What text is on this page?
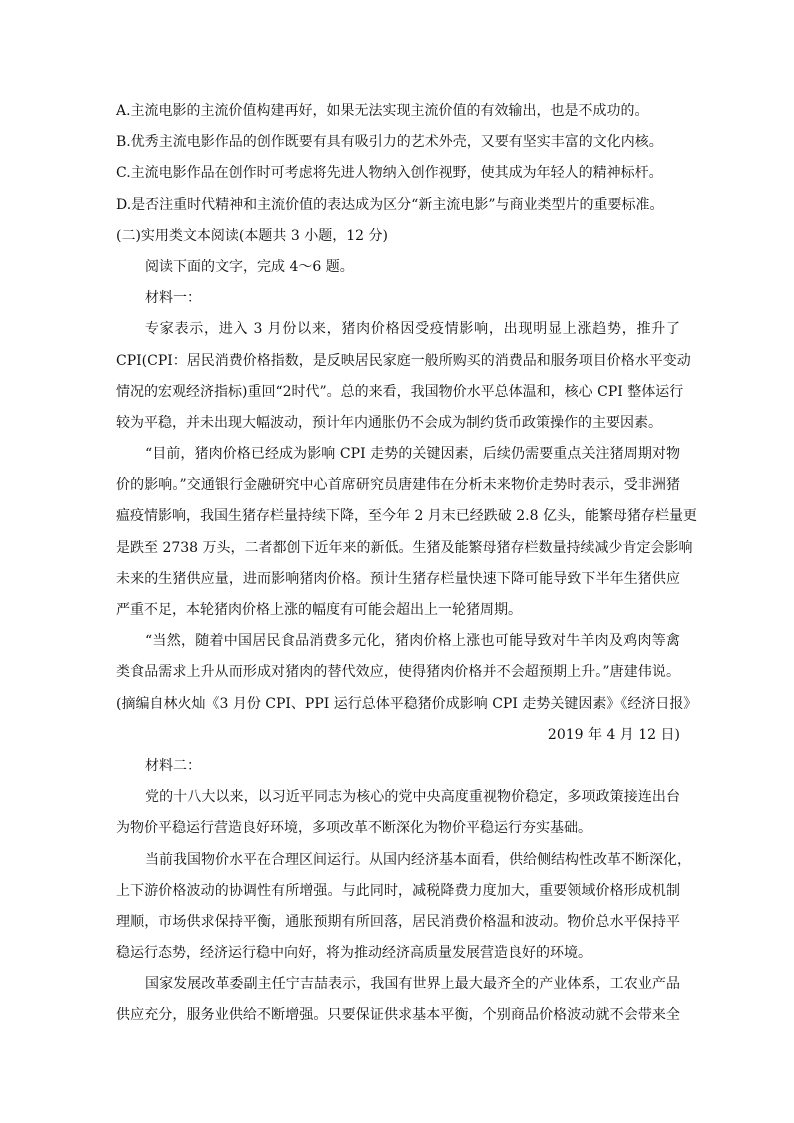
A.主流电影的主流价值构建再好，如果无法实现主流价值的有效输出，也是不成功的。
B.优秀主流电影作品的创作既要有具有吸引力的艺术外壳，又要有坚实丰富的文化内核。
C.主流电影作品在创作时可考虑将先进人物纳入创作视野，使其成为年轻人的精神标杆。
D.是否注重时代精神和主流价值的表达成为区分“新主流电影”与商业类型片的重要标准。
(二)实用类文本阅读(本题共 3 小题，12 分)
阅读下面的文字，完成 4～6 题。
材料一：
专家表示，进入 3 月份以来，猪肉价格因受疫情影响，出现明显上涨趋势，推升了
CPI(CPI：居民消费价格指数，是反映居民家庭一般所购买的消费品和服务项目价格水平变动
情况的宏观经济指标)重回“2时代”。总的来看，我国物价水平总体温和，核心 CPI 整体运行
较为平稳，并未出现大幅波动，预计年内通胀仍不会成为制约货币政策操作的主要因素。
“目前，猪肉价格已经成为影响 CPI 走势的关键因素，后续仍需要重点关注猪周期对物
价的影响。”交通银行金融研究中心首席研究员唐建伟在分析未来物价走势时表示，受非洲猪
瘟疫情影响，我国生猪存栏量持续下降，至今年 2 月末已经跌破 2.8 亿头，能繁母猪存栏量更
是跌至 2738 万头，二者都创下近年来的新低。生猪及能繁母猪存栏数量持续减少肯定会影响
未来的生猪供应量，进而影响猪肉价格。预计生猪存栏量快速下降可能导致下半年生猪供应
严重不足，本轮猪肉价格上涨的幅度有可能会超出上一轮猪周期。
“当然，随着中国居民食品消费多元化，猪肉价格上涨也可能导致对牛羊肉及鸡肉等禽
类食品需求上升从而形成对猪肉的替代效应，使得猪肉价格并不会超预期上升。”唐建伟说。
(摘编自林火灿《3 月份 CPI、PPI 运行总体平稳猪价成影响 CPI 走势关键因素》《经济日报》
2019 年 4 月 12 日)
材料二：
党的十八大以来，以习近平同志为核心的党中央高度重视物价稳定，多项政策接连出台
为物价平稳运行营造良好环境，多项改革不断深化为物价平稳运行夯实基础。
当前我国物价水平在合理区间运行。从国内经济基本面看，供给侧结构性改革不断深化，
上下游价格波动的协调性有所增强。与此同时，减税降费力度加大，重要领域价格形成机制
理顺，市场供求保持平衡，通胀预期有所回落，居民消费价格温和波动。物价总水平保持平
稳运行态势，经济运行稳中向好，将为推动经济高质量发展营造良好的环境。
国家发展改革委副主任宁吉喆表示，我国有世界上最大最齐全的产业体系，工农业产品
供应充分，服务业供给不断增强。只要保证供求基本平衡，个别商品价格波动就不会带来全
